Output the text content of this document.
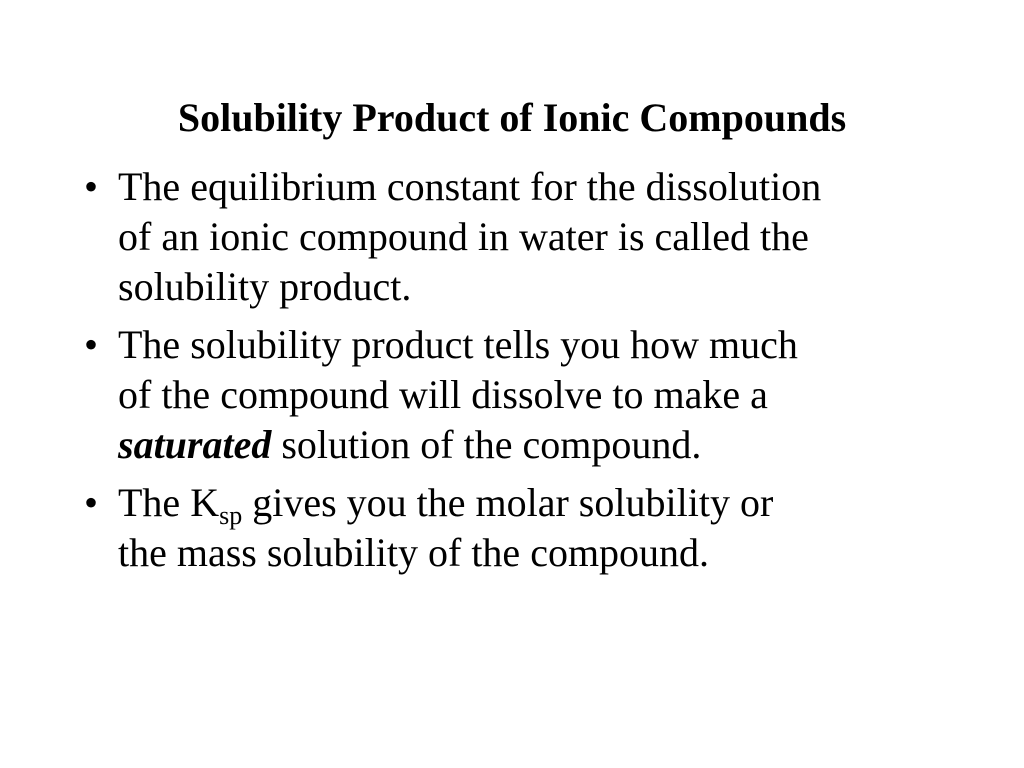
Solubility Product of Ionic Compounds
• The equilibrium constant for the dissolution
of an ionic compound in water is called the
solubility product.
• The solubility product tells you how much
of the compound will dissolve to make a
saturated solution of the compound.
• The $K_{sp}$ gives you the molar solubility or
the mass solubility of the compound.
